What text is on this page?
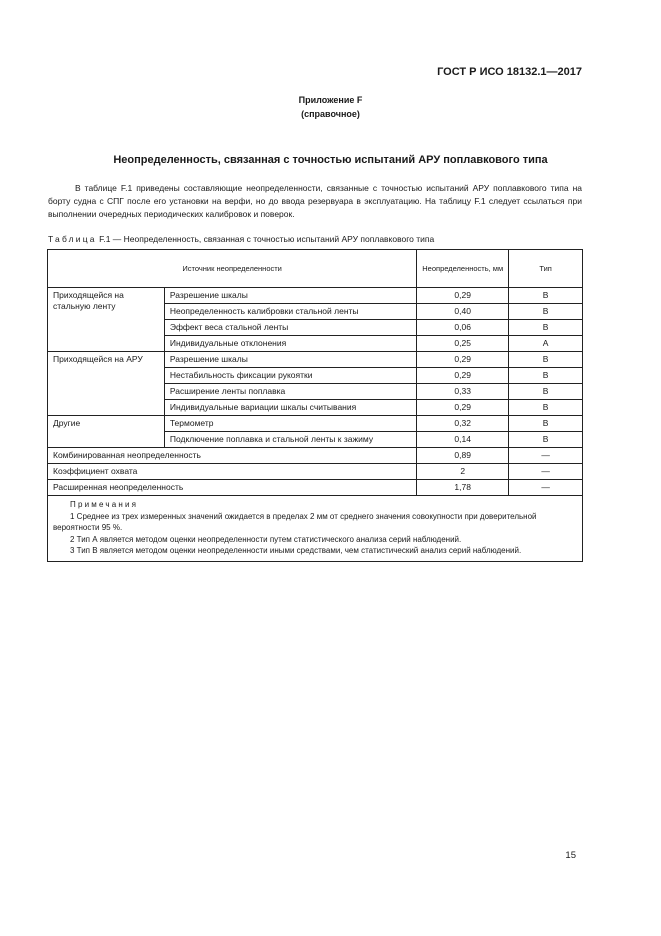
ГОСТ Р ИСО 18132.1—2017
Приложение F
(справочное)
Неопределенность, связанная с точностью испытаний АРУ поплавкового типа

В таблице F.1 приведены составляющие неопределенности, связанные с точностью испытаний АРУ поплавкового типа на борту судна с СПГ после его установки на верфи, но до ввода резервуара в эксплуатацию. На таблицу F.1 следует ссылаться при выполнении очередных периодических калибровок и поверок.

Таблица F.1 — Неопределенность, связанная с точностью испытаний АРУ поплавкового типа
Источник неопределенности		Неопределенность, мм	Тип
Приходящейся на стальную ленту	Разрешение шкалы	0,29	B
	Неопределенность калибровки стальной ленты	0,40	B
	Эффект веса стальной ленты	0,06	B
	Индивидуальные отклонения	0,25	A
Приходящейся на АРУ	Разрешение шкалы	0,29	B
	Нестабильность фиксации рукоятки	0,29	B
	Расширение ленты поплавка	0,33	B
	Индивидуальные вариации шкалы считывания	0,29	B
Другие	Термометр	0,32	B
	Подключение поплавка и стальной ленты к зажиму	0,14	B
Комбинированная неопределенность		0,89	—
Коэффициент охвата		2	—
Расширенная неопределенность		1,78	—

Примечания
1 Среднее из трех измеренных значений ожидается в пределах 2 мм от среднего значения совокупности при доверительной вероятности 95 %.
2 Тип А является методом оценки неопределенности путем статистического анализа серий наблюдений.
3 Тип В является методом оценки неопределенности иными средствами, чем статистический анализ серий наблюдений.			
15
